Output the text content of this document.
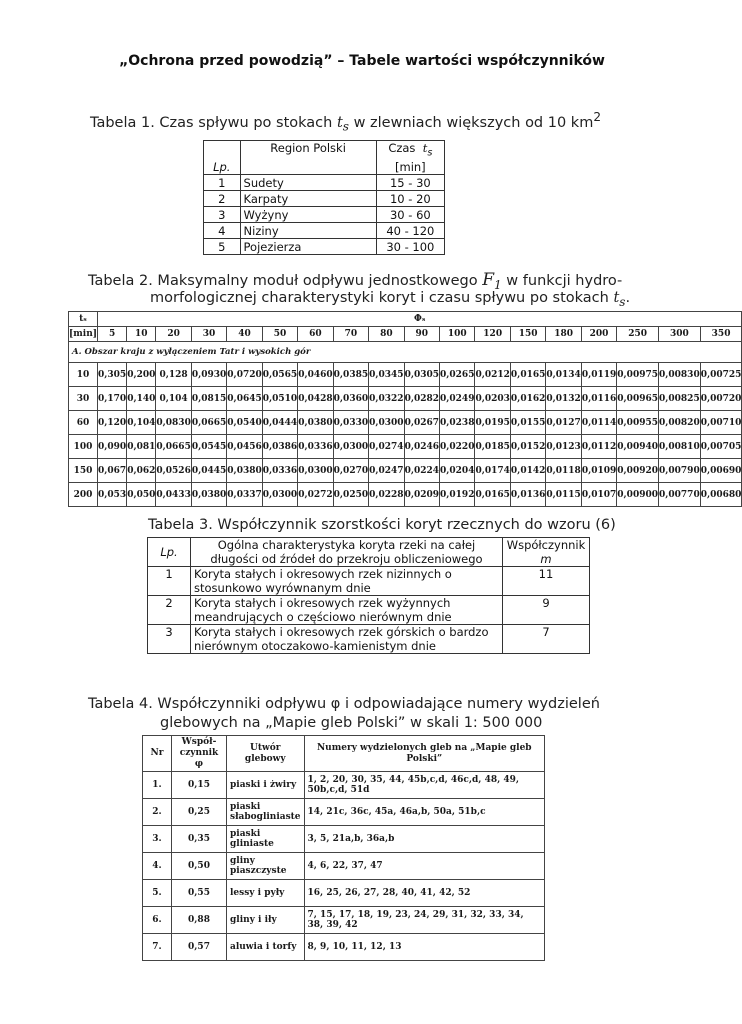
„Ochrona przed powodzią” – Tabele wartości współczynników
Tabela 1. Czas spływu po stokach $t_s$ w zlewniach większych od 10 $km^2$
Lp.	Region Polski	Czas $t_s$
[min]
1	Sudety	15 - 30
2	Karpaty	10 - 20
3	Wyżyny	30 - 60
4	Niziny	40 - 120
5	Pojezierza	30 - 100
Tabela 2. Maksymalny moduł odpływu jednostkowego $F_1$ w funkcji hydro-
morfologicznej charakterystyki koryt i czasu spływu po stokach $t_s$.
tₛ	Φₛ																	
[min]	5	10	20	30	40	50	60	70	80	90	100	120	150	180	200	250	300	350
A. Obszar kraju z wyłączeniem Tatr i wysokich gór																		
10	0,305	0,200	0,128	0,0930	0,0720	0,0565	0,0460	0,0385	0,0345	0,0305	0,0265	0,0212	0,0165	0,0134	0,0119	0,00975	0,00830	0,00725
30	0,170	0,140	0,104	0,0815	0,0645	0,0510	0,0428	0,0360	0,0322	0,0282	0,0249	0,0203	0,0162	0,0132	0,0116	0,00965	0,00825	0,00720
60	0,120	0,104	0,0830	0,0665	0,0540	0,0444	0,0380	0,0330	0,0300	0,0267	0,0238	0,0195	0,0155	0,0127	0,0114	0,00955	0,00820	0,00710
100	0,090	0,081	0,0665	0,0545	0,0456	0,0386	0,0336	0,0300	0,0274	0,0246	0,0220	0,0185	0,0152	0,0123	0,0112	0,00940	0,00810	0,00705
150	0,067	0,062	0,0526	0,0445	0,0380	0,0336	0,0300	0,0270	0,0247	0,0224	0,0204	0,0174	0,0142	0,0118	0,0109	0,00920	0,00790	0,00690
200	0,053	0,050	0,0433	0,0380	0,0337	0,0300	0,0272	0,0250	0,0228	0,0209	0,0192	0,0165	0,0136	0,0115	0,0107	0,00900	0,00770	0,00680
Tabela 3. Współczynnik szorstkości koryt rzecznych do wzoru (6)
Lp.	Ogólna charakterystyka koryta rzeki na całej długości od źródeł do przekroju obliczeniowego	Współczynnik
m
1	Koryta stałych i okresowych rzek nizinnych o stosunkowo wyrównanym dnie	11
2	Koryta stałych i okresowych rzek wyżynnych meandrujących o częściowo nierównym dnie	9
3	Koryta stałych i okresowych rzek górskich o bardzo nierównym otoczakowo-kamienistym dnie	7
Tabela 4. Współczynniki odpływu φ i odpowiadające numery wydzieleń
glebowych na „Mapie gleb Polski” w skali 1: 500 000
Nr	Współ-czynnik φ	Utwór glebowy	Numery wydzielonych gleb na „Mapie gleb Polski”
1.	0,15	piaski i żwiry	1, 2, 20, 30, 35, 44, 45b,c,d, 46c,d, 48, 49, 50b,c,d, 51d
2.	0,25	piaski słabogliniaste	14, 21c, 36c, 45a, 46a,b, 50a, 51b,c
3.	0,35	piaski gliniaste	3, 5, 21a,b, 36a,b
4.	0,50	gliny piaszczyste	4, 6, 22, 37, 47
5.	0,55	lessy i pyły	16, 25, 26, 27, 28, 40, 41, 42, 52
6.	0,88	gliny i iły	7, 15, 17, 18, 19, 23, 24, 29, 31, 32, 33, 34, 38, 39, 42
7.	0,57	aluwia i torfy	8, 9, 10, 11, 12, 13
